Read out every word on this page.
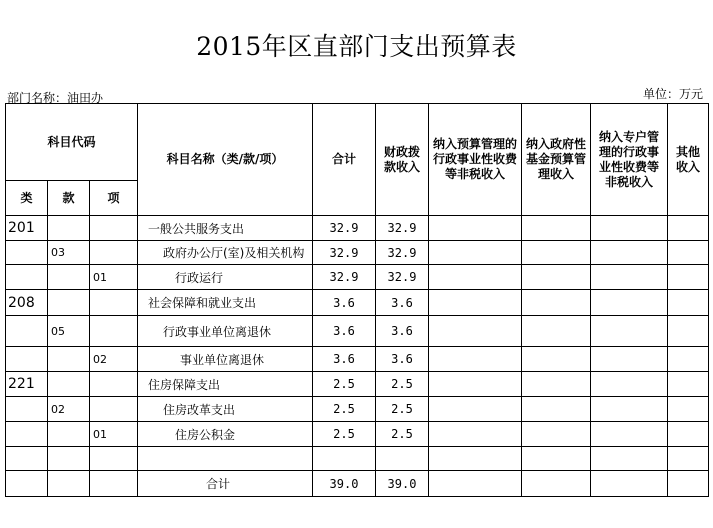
2015年区直部门支出预算表
部门名称：油田办	单位：万元
科目代码			科目名称（类/款/项）	合计	财政拨款收入	纳入预算管理的行政事业性收费等非税收入	纳入政府性基金预算管理收入	纳入专户管理的行政事业性收费等非税收入	其他收入
类	款	项							
201			一般公共服务支出	32.9	32.9				
	03		政府办公厅(室)及相关机构	32.9	32.9				
		01	行政运行	32.9	32.9				
208			社会保障和就业支出	3.6	3.6				
	05		行政事业单位离退休	3.6	3.6				
		02	事业单位离退休	3.6	3.6				
221			住房保障支出	2.5	2.5				
	02		住房改革支出	2.5	2.5				
		01	住房公积金	2.5	2.5				

			合计	39.0	39.0				
